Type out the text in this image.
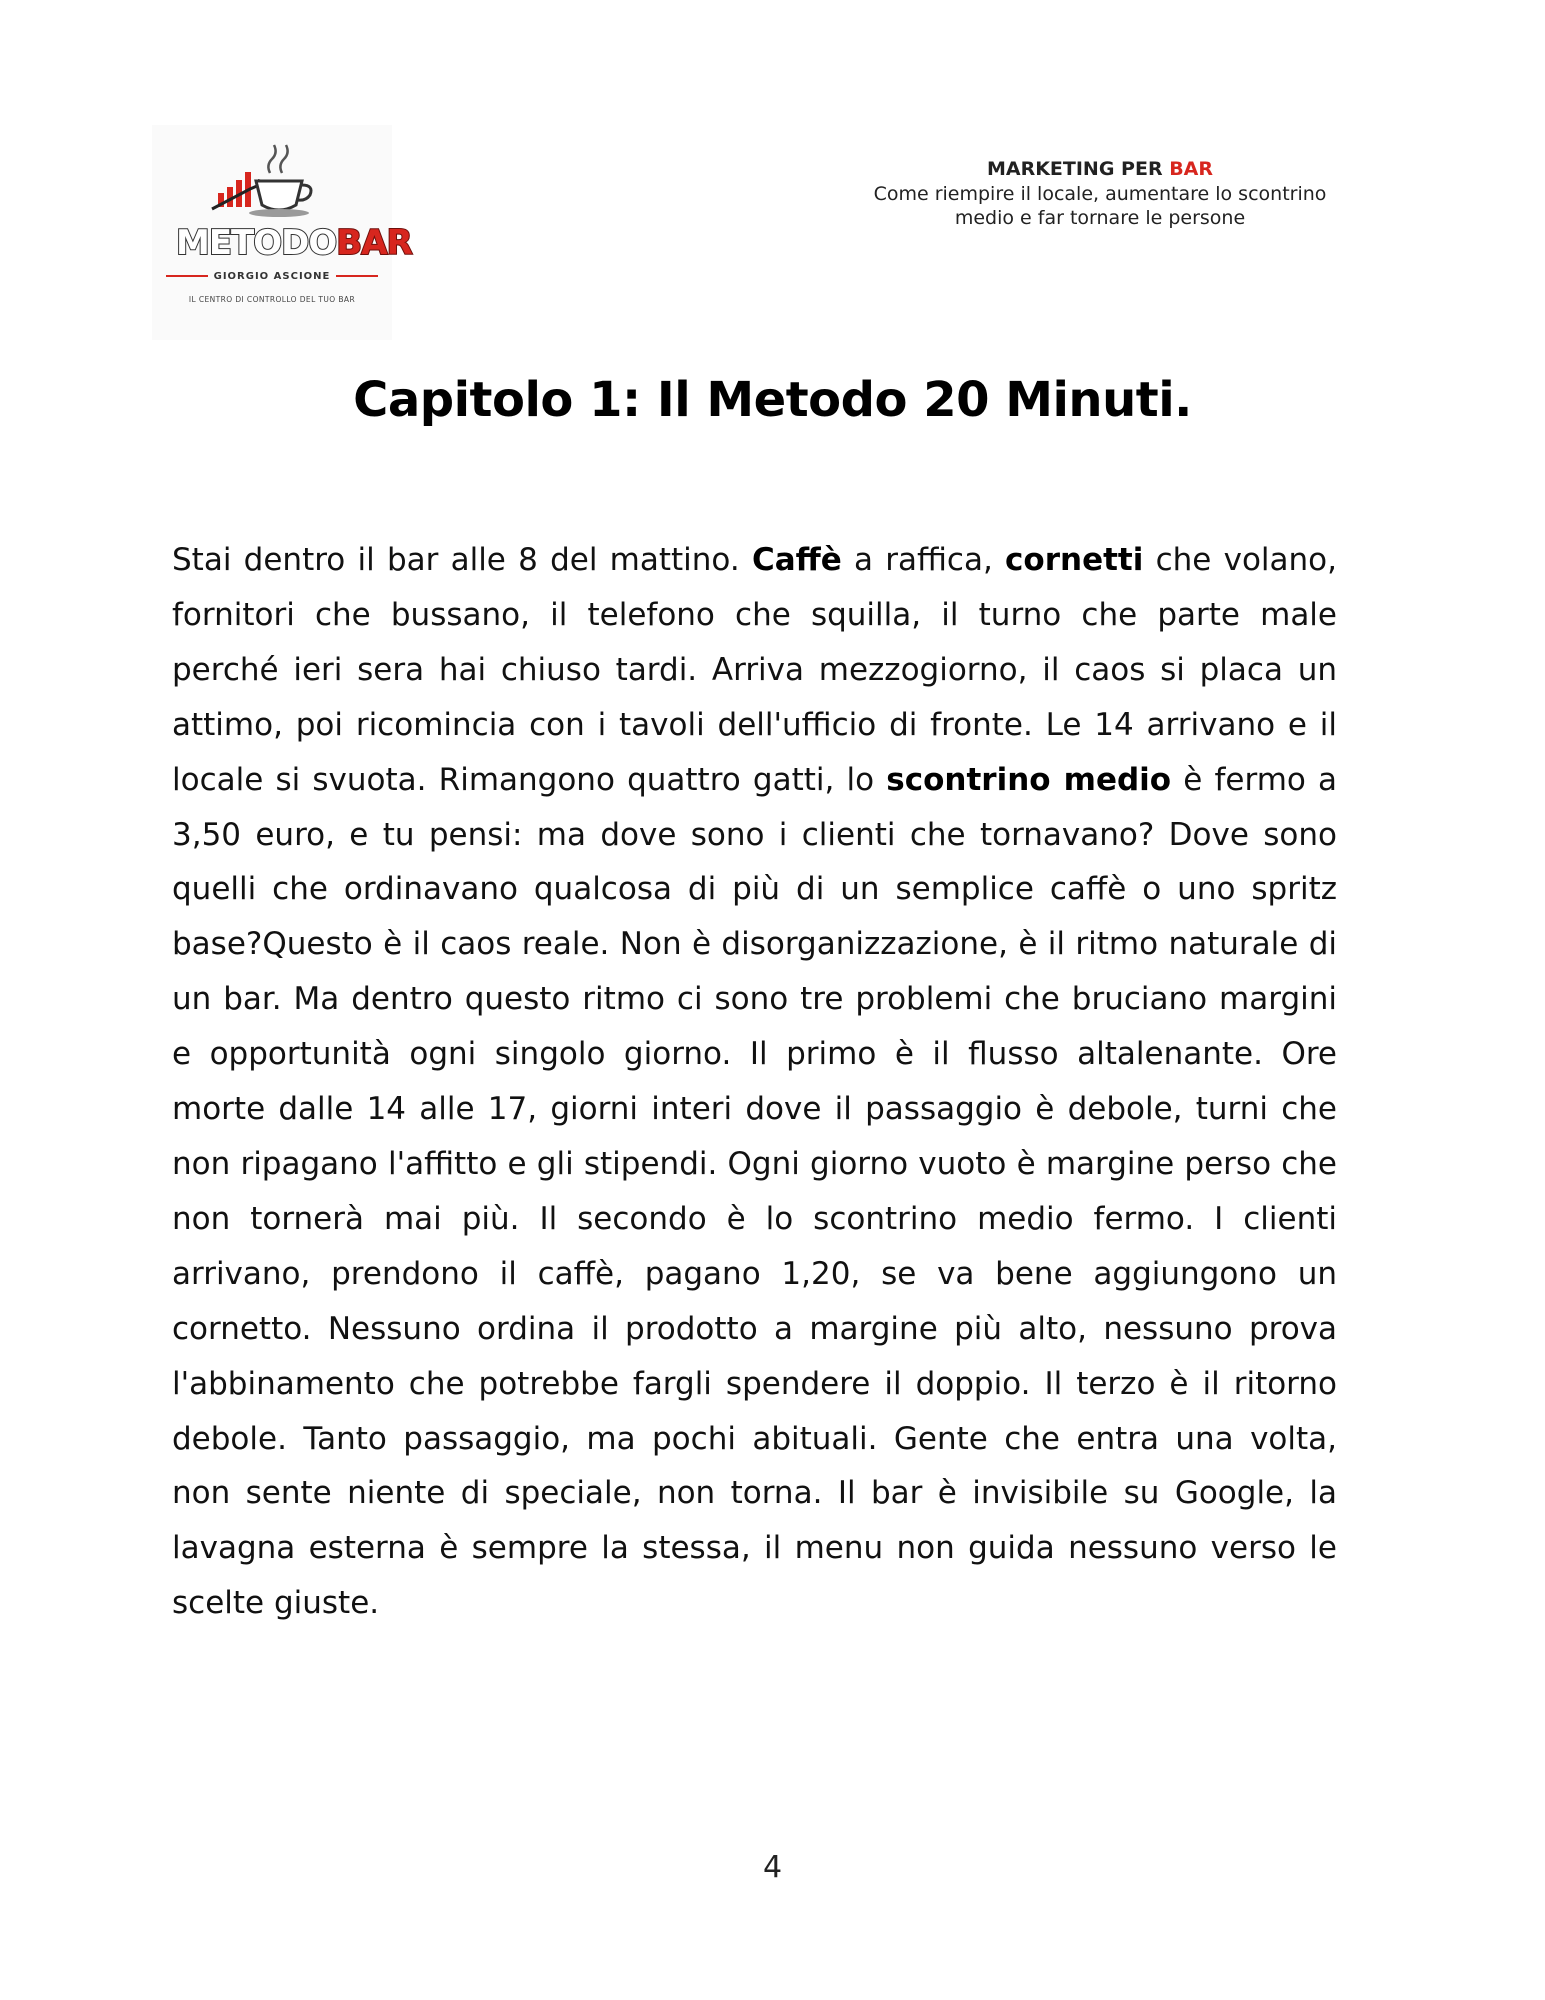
METODOBAR
GIORGIO ASCIONE
IL CENTRO DI CONTROLLO DEL TUO BAR
MARKETING PER BAR
Come riempire il locale, aumentare lo scontrino
medio e far tornare le persone
Capitolo 1: Il Metodo 20 Minuti.

Stai dentro il bar alle 8 del mattino. Caffè a raffica, cornetti che volano, fornitori che bussano, il telefono che squilla, il turno che parte male perché ieri sera hai chiuso tardi. Arriva mezzogiorno, il caos si placa un attimo, poi ricomincia con i tavoli dell'ufficio di fronte. Le 14 arrivano e il locale si svuota. Rimangono quattro gatti, lo scontrino medio è fermo a 3,50 euro, e tu pensi: ma dove sono i clienti che tornavano? Dove sono quelli che ordinavano qualcosa di più di un semplice caffè o uno spritz base?Questo è il caos reale. Non è disorganizzazione, è il ritmo naturale di un bar. Ma dentro questo ritmo ci sono tre problemi che bruciano margini e opportunità ogni singolo giorno. Il primo è il flusso altalenante. Ore morte dalle 14 alle 17, giorni interi dove il passaggio è debole, turni che non ripagano l'affitto e gli stipendi. Ogni giorno vuoto è margine perso che non tornerà mai più. Il secondo è lo scontrino medio fermo. I clienti arrivano, prendono il caffè, pagano 1,20, se va bene aggiungono un cornetto. Nessuno ordina il prodotto a margine più alto, nessuno prova l'abbinamento che potrebbe fargli spendere il doppio. Il terzo è il ritorno debole. Tanto passaggio, ma pochi abituali. Gente che entra una volta, non sente niente di speciale, non torna. Il bar è invisibile su Google, la lavagna esterna è sempre la stessa, il menu non guida nessuno verso le scelte giuste.

4
